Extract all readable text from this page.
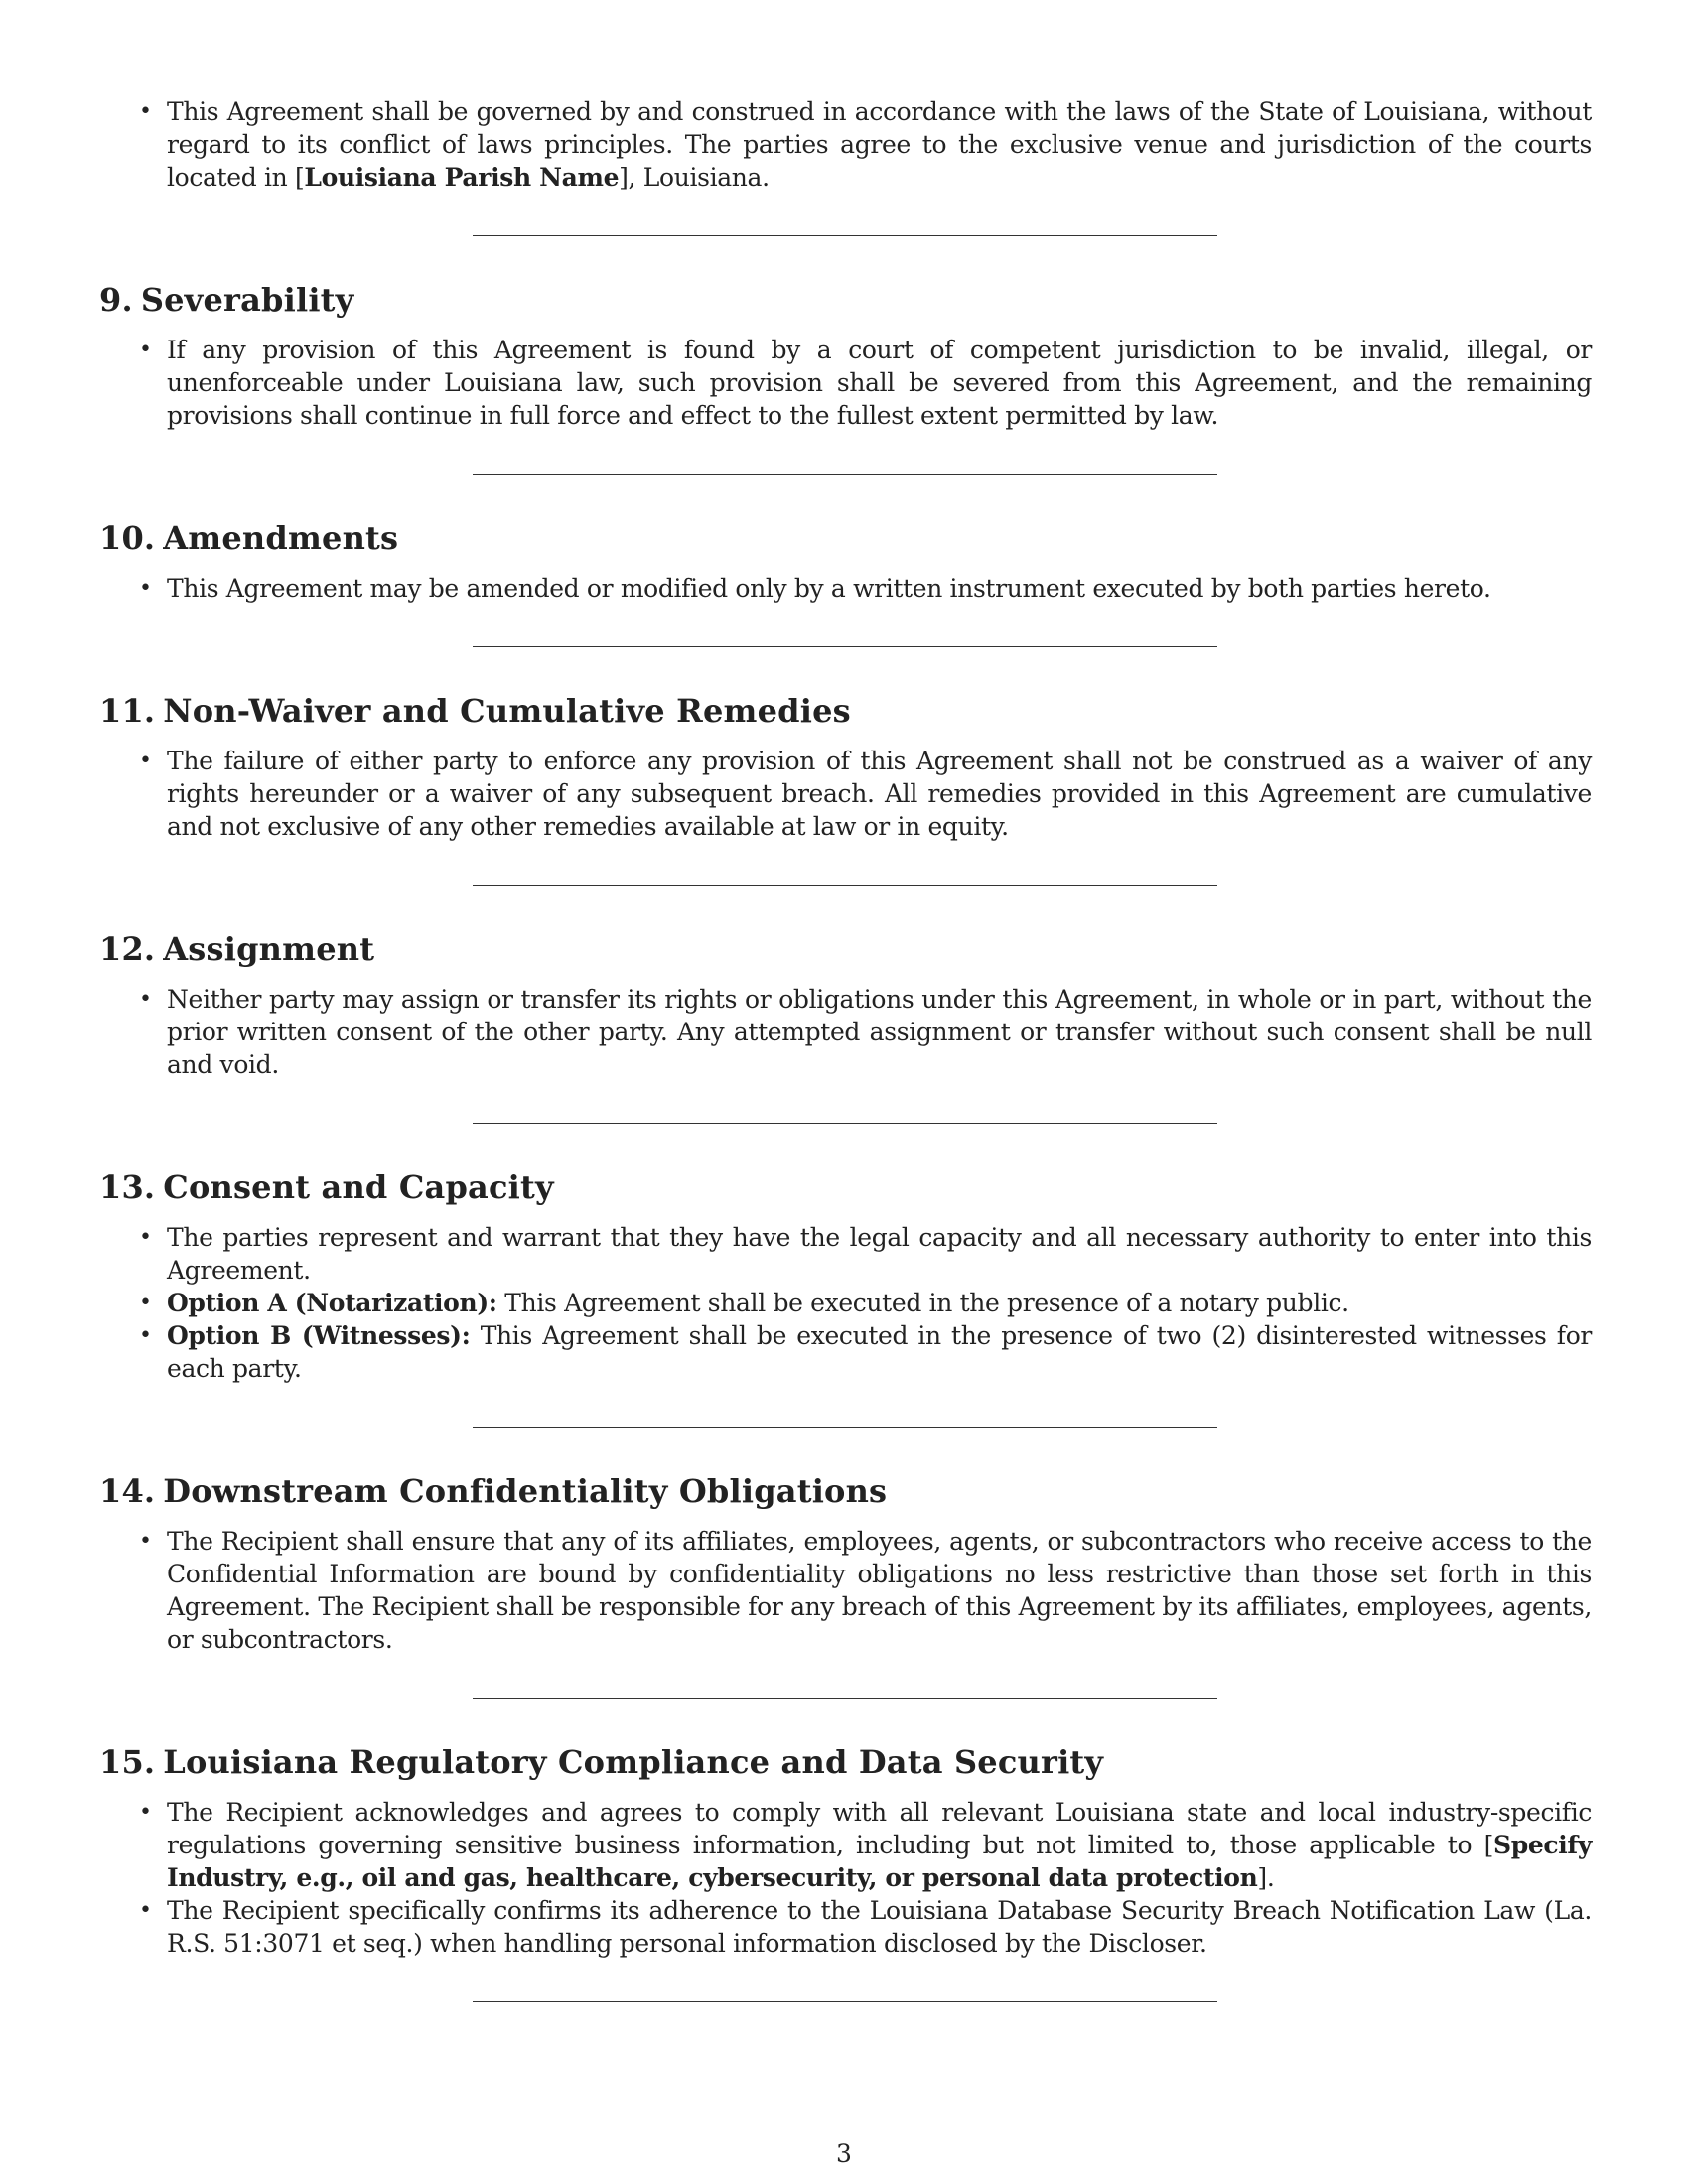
• This Agreement shall be governed by and construed in accordance with the laws of the State of Louisiana, without regard to its conflict of laws principles. The parties agree to the exclusive venue and jurisdiction of the courts located in [Louisiana Parish Name], Louisiana.
9. Severability
• If any provision of this Agreement is found by a court of competent jurisdiction to be invalid, illegal, or unenforceable under Louisiana law, such provision shall be severed from this Agreement, and the remaining provisions shall continue in full force and effect to the fullest extent permitted by law.
10. Amendments
• This Agreement may be amended or modified only by a written instrument executed by both parties hereto.
11. Non-Waiver and Cumulative Remedies
• The failure of either party to enforce any provision of this Agreement shall not be construed as a waiver of any rights hereunder or a waiver of any subsequent breach. All remedies provided in this Agreement are cumulative and not exclusive of any other remedies available at law or in equity.
12. Assignment
• Neither party may assign or transfer its rights or obligations under this Agreement, in whole or in part, without the prior written consent of the other party. Any attempted assignment or transfer without such consent shall be null and void.
13. Consent and Capacity
• The parties represent and warrant that they have the legal capacity and all necessary authority to enter into this Agreement.
• Option A (Notarization): This Agreement shall be executed in the presence of a notary public.
• Option B (Witnesses): This Agreement shall be executed in the presence of two (2) disinterested witnesses for each party.
14. Downstream Confidentiality Obligations
• The Recipient shall ensure that any of its affiliates, employees, agents, or subcontractors who receive access to the Confidential Information are bound by confidentiality obligations no less restrictive than those set forth in this Agreement. The Recipient shall be responsible for any breach of this Agreement by its affiliates, employees, agents, or subcontractors.
15. Louisiana Regulatory Compliance and Data Security
• The Recipient acknowledges and agrees to comply with all relevant Louisiana state and local industry-specific regulations governing sensitive business information, including but not limited to, those applicable to [Specify Industry, e.g., oil and gas, healthcare, cybersecurity, or personal data protection].
• The Recipient specifically confirms its adherence to the Louisiana Database Security Breach Notification Law (La. R.S. 51:3071 et seq.) when handling personal information disclosed by the Discloser.
3
